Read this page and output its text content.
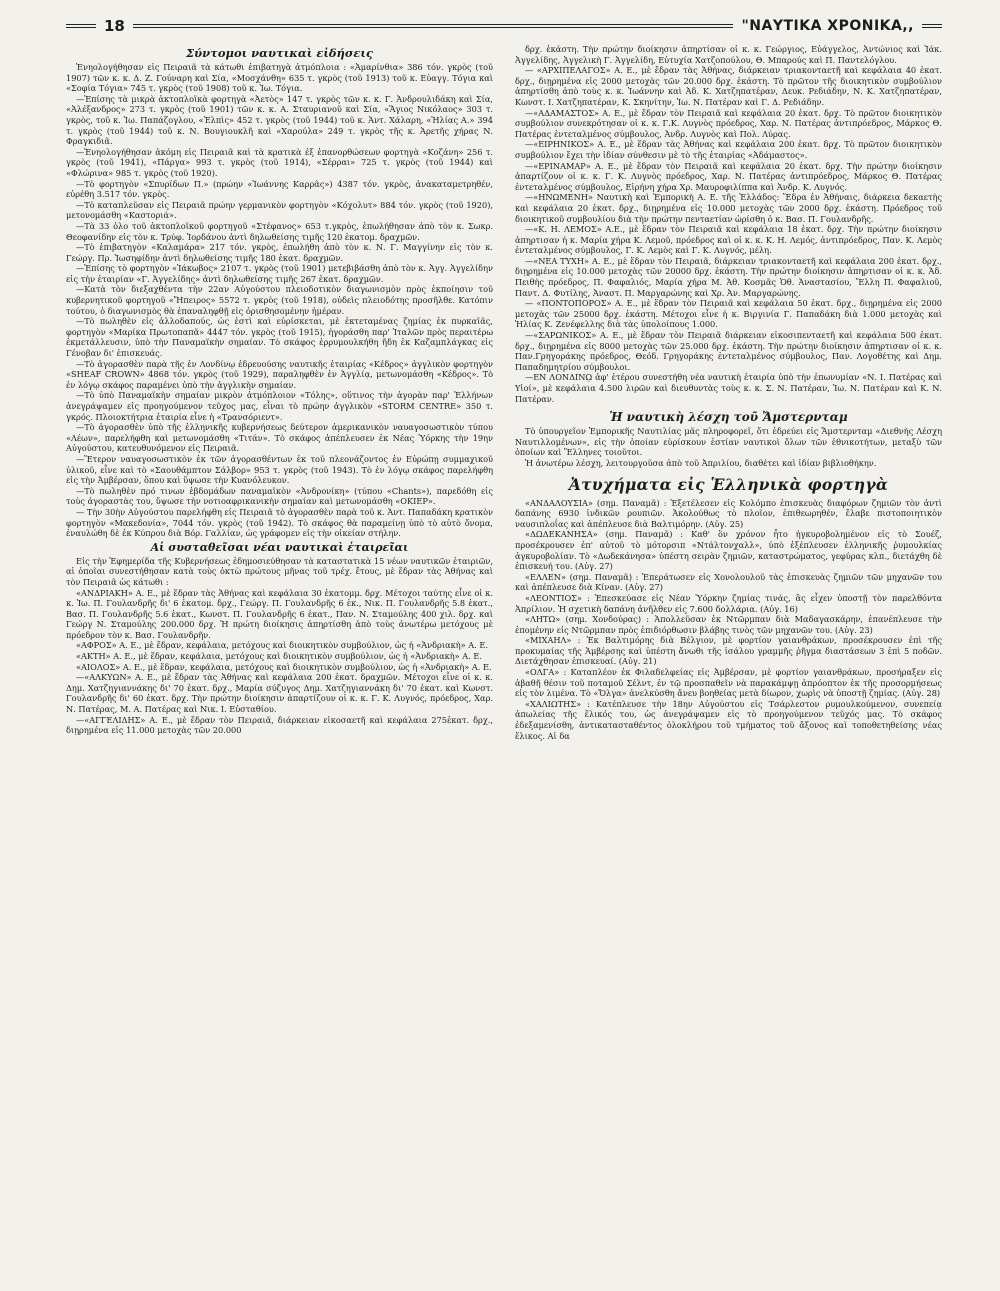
18	"ΝΑΥΤΙΚΑ ΧΡΟΝΙΚΑ,,
Σύντομοι ναυτικαὶ εἰδήσεις

Ἐνηολογήθησαν εἰς Πειραιᾶ τὰ κάτωθι ἐπιβατηγὰ ἀτμόπλοια : «Ἀμαρίνθια» 386 τόν. γκρὸς (τοῦ 1907) τῶν κ. κ. Δ. Ζ. Γούναρη καὶ Σία, «Μοσχάνθη» 635 τ. γκρὸς (τοῦ 1913) τοῦ κ. Εὐαγγ. Τόγια καὶ «Σοφία Τόγια» 745 τ. γκρὸς (τοῦ 1908) τοῦ κ. Ἰω. Τόγια.

—Ἐπίσης τὰ μικρὰ ἀκτοπλοϊκὰ φορτηγὰ «Ἀετὸς» 147 τ. γκρὸς τῶν κ. κ. Γ. Ἀνδρουλιδάκη καὶ Σία, «Ἀλέξανδρος» 273 τ. γκρὸς (τοῦ 1901) τῶν κ. κ. Α. Σταυριανοῦ καὶ Σία, «Ἅγιος Νικόλαος» 303 τ. γκρὸς, τοῦ κ. Ἰω. Παπάζογλου, «Ἐλπὶς» 452 τ. γκρὸς (τοῦ 1944) τοῦ κ. Ἀντ. Χάλαρη, «Ἡλίας Α.» 394 τ. γκρὸς (τοῦ 1944) τοῦ κ. Ν. Βουγιουκλῆ καὶ «Χαρούλα» 249 τ. γκρὸς τῆς κ. Ἀρετῆς χήρας Ν. Φραγκιδιᾶ.

—Ἐνηολογήθησαν ἀκόμη εἰς Πειραιᾶ καὶ τὰ κρατικὰ ἐξ ἐπανορθώσεων φορτηγὰ «Κοζάνη» 256 τ. γκρὸς (τοῦ 1941), «Πάργα» 993 τ. γκρὸς (τοῦ 1914), «Σέρραι» 725 τ. γκρὸς (τοῦ 1944) καὶ «Φλώρινα» 985 τ. γκρὸς (τοῦ 1920).

—Τὸ φορτηγὸν «Σπυρίδων Π.» (πρώην «Ἰωάννης Καρρᾶς») 4387 τόν. γκρὸς, ἀνακαταμετρηθέν, εὑρέθη 3.517 τόν. γκρὸς.

—Τὸ καταπλεῦσαν εἰς Πειραιᾶ πρώην γερμανικὸν φορτηγὸν «Κόχολυτ» 884 τόν. γκρὸς (τοῦ 1920), μετονομάσθη «Καστοριά».

—Τὰ 33 ὀλο τοῦ ἀκτοπλοϊκοῦ φορτηγοῦ «Στέφανος» 653 τ.γκρὸς, ἐπωλήθησαν ἀπὸ τὸν κ. Σωκρ. Θεοφανίδην εἰς τὸν κ. Τρύφ. Ἰορδάνου ἀντὶ δηλωθείσης τιμῆς 120 ἑκατομ. δραχμῶν.

—Τὸ ἐπιβατηγὸν «Καλαμάρα» 217 τόν. γκρὸς, ἐπωλήθη ἀπὸ τὸν κ. Ν. Γ. Μαγγίνην εἰς τὸν κ. Γεώργ. Πρ. Ἰωσηφίδην ἀντὶ δηλωθείσης τιμῆς 180 ἑκατ. δραχμῶν.

—Ἐπίσης τὸ φορτηγὸν «Ἰάκωβος» 2107 τ. γκρὸς (τοῦ 1901) μετεβιβάσθη ἀπὸ τὸν κ. Ἀγγ. Ἀγγελίδην εἰς τὴν ἑταιρίαν «Γ. Ἀγγελίδης» ἀντὶ δηλωθείσης τιμῆς 267 ἑκατ. δραχμῶν.

—Κατὰ τὸν διεξαχθέντα τὴν 22αν Αὐγούστου πλειοδοτικὸν διαγωνισμὸν πρὸς ἐκποίησιν τοῦ κυβερνητικοῦ φορτηγοῦ «Ἤπειρος» 5572 τ. γκρὸς (τοῦ 1918), οὐδεὶς πλειοδότης προσῆλθε. Κατόπιν τούτου, ὁ διαγωνισμὸς θὰ ἐπαναληφθῇ εἰς ὁρισθησομένην ἡμέραν.

—Τὸ πωληθὲν εἰς ἀλλοδαπούς, ὡς ἐστὶ καὶ εὑρίσκεται, μὲ ἐκτεταμένας ζημίας ἐκ πυρκαϊᾶς, φορτηγὸν «Μαρίκα Πρωτοπαπᾶ» 4447 τόν. γκρὸς (τοῦ 1915), ἠγοράσθη παρ' Ἰταλῶν πρὸς περαιτέρω ἐκμετάλλευσιν, ὑπὸ τὴν Παναμαϊκὴν σημαίαν. Τὸ σκάφος ἐρρυμουλκήθη ἤδη ἐκ Καζαμπλάγκας εἰς Γένοβαν δι' ἐπισκευάς.

—Τὸ ἀγορασθὲν παρὰ τῆς ἐν Λονδίνῳ ἑδρευούσης ναυτικῆς ἑταιρίας «Κέδρος» ἀγγλικὸν φορτηγὸν «SHEAF CROWN» 4868 τόν. γκρὸς (τοῦ 1929), παραληφθὲν ἐν Ἀγγλίᾳ, μετωνομάσθη «Κέδρος». Τὸ ἐν λόγῳ σκάφος παραμένει ὑπὸ τὴν ἀγγλικὴν σημαίαν.

—Τὸ ὑπὸ Παναμαϊκὴν σημαίαν μικρὸν ἀτμόπλοιον «Τόλης», οὕτινος τὴν ἀγορὰν παρ' Ἑλλήνων ἀνεγράψαμεν εἰς προηγούμενον τεῦχος μας, εἶναι τὸ πρώην ἀγγλικὸν «STORM CENTRE» 350 τ. γκρός. Πλοιοκτήτρια ἑταιρία εἶνε ἡ «Τρανσόριεντ».

—Τὸ ἀγορασθὲν ὑπὸ τῆς ἑλληνικῆς κυβερνήσεως δεύτερον ἀμερικανικὸν ναυαγοσωστικὸν τύπου «Λέων», παρελήφθη καὶ μετωνομάσθη «Τιτάν». Τὸ σκάφος ἀπέπλευσεν ἐκ Νέας Ὑόρκης τὴν 19ην Αὐγούστου, κατευθυνόμενον εἰς Πειραιᾶ.

—Ἕτερον ναυαγοσωστικὸν ἐκ τῶν ἀγορασθέντων ἐκ τοῦ πλεονάζοντος ἐν Εὐρώπῃ συμμαχικοῦ ὑλικοῦ, εἶνε καὶ τὸ «Σαουθάμπτον Σάλβορ» 953 τ. γκρὸς (τοῦ 1943). Τὸ ἐν λόγῳ σκάφος παρελήφθη εἰς τὴν Ἀμβέρσαν, ὅπου καὶ ὕψωσε τὴν Κυανόλευκον.

—Τὸ πωληθὲν πρό τινων ἑβδομάδων παναμαϊκὸν «Ἀνδρονίκη» (τύπου «Chants»), παρεδόθη εἰς τοὺς ἀγοραστὰς του, ὕψωσε τὴν νοτιοαφρικανικὴν σημαίαν καὶ μετωνομάσθη «ΟΚΙΕΡ».

— Τὴν 30ὴν Αὐγούστου παρελήφθη εἰς Πειραιᾶ τὸ ἀγορασθὲν παρὰ τοῦ κ. Ἀντ. Παπαδάκη κρατικὸν φορτηγὸν «Μακεδονία», 7044 τόν. γκρὸς (τοῦ 1942). Τὸ σκάφος θὰ παραμείνῃ ὑπὸ τὸ αὐτὸ ὄνομα, ἐναυλώθη δὲ ἐκ Κύπρου διὰ Βόρ. Γαλλίαν, ὡς γράφομεν εἰς τὴν οἰκείαν στήλην.

Αἱ συσταθεῖσαι νέαι ναυτικαὶ ἑταιρεῖαι

Εἰς τὴν Ἐφημερίδα τῆς Κυβερνήσεως ἐδημοσιεύθησαν τὰ καταστατικὰ 15 νέων ναυτικῶν ἑταιριῶν, αἱ ὁποῖαι συνεστήθησαν κατὰ τοὺς ὀκτὼ πρώτους μῆνας τοῦ τρέχ. ἔτους, μὲ ἕδραν τὰς Ἀθήνας καὶ τὸν Πειραιᾶ ὡς κάτωθι :

«ΑΝΔΡΙΑΚΗ» Α. Ε., μὲ ἕδραν τὰς Ἀθήνας καὶ κεφάλαια 30 ἑκατομμ. δρχ. Μέτοχοι ταύτης εἶνε οἱ κ. κ. Ἰω. Π. Γουλανδρῆς δι' 6 ἑκατομ. δρχ., Γεώργ. Π. Γουλανδρῆς 6 ἑκ., Νικ. Π. Γουλανδρῆς 5.8 ἑκατ., Βασ. Π. Γουλανδρῆς 5.6 ἑκατ., Κωνστ. Π. Γουλανδρῆς 6 ἑκατ., Παν. Ν. Σταμούλης 400 χιλ. δρχ. καὶ Γεώργ Ν. Σταμούλης 200.000 δρχ. Ἡ πρώτη διοίκησις ἀπηρτίσθη ἀπὸ τοὺς ἀνωτέρω μετόχους μὲ πρόεδρον τὸν κ. Βασ. Γουλανδρῆν.

«ΑΦΡΟΣ» Α. Ε., μὲ ἕδραν, κεφάλαια, μετόχους καὶ διοικητικὸν συμβούλιον, ὡς ἡ «Ἀνδριακὴ» Α. Ε.

«ΑΚΤΗ» Α. Ε., μὲ ἕδραν, κεφάλαια, μετόχους καὶ διοικητικὸν συμβούλιον, ὡς ἡ «Ἀνδριακὴ» Α. Ε.

«ΑΙΟΛΟΣ» Α. Ε., μὲ ἕδραν, κεφάλαια, μετόχους καὶ διοικητικὸν συμβούλιον, ὡς ἡ «Ἀνδριακὴ» Α. Ε.

—«ΑΛΚΥΩΝ» Α. Ε., μὲ ἕδραν τὰς Ἀθήνας καὶ κεφάλαια 200 ἑκατ. δραχμῶν. Μέτοχοι εἶνε οἱ κ. κ. Δημ. Χατζηγιαννάκης δι' 70 ἑκατ. δρχ., Μαρία σύζυγος Δημ. Χατζηγιαννάκη δι' 70 ἑκατ. καὶ Κωνστ. Γουλανδρῆς δι' 60 ἑκατ. δρχ. Τὴν πρώτην διοίκησιν ἀπαρτίζουν οἱ κ. κ. Γ. Κ. Λυγνός, πρόεδρος, Χαρ. Ν. Πατέρας, Μ. Α. Πατέρας καὶ Νικ. Ι. Εὐσταθίου.

—«ΑΓΓΕΛΙΔΗΣ» Α. Ε., μὲ ἕδραν τὸν Πειραιᾶ, διάρκειαν εἰκοσαετῆ καὶ κεφάλαια 275ἑκατ. δρχ., διῃρημένα εἰς 11.000 μετοχὰς τῶν 20.000

δρχ. ἑκάστη. Τὴν πρώτην διοίκησιν ἀπηρτίσαν οἱ κ. κ. Γεώργιος, Εὐάγγελος, Ἀντώνιος καὶ Ἰάκ. Ἀγγελίδης, Ἀγγελικὴ Γ. Ἀγγελίδη, Εὐτυχία Χατζοπούλου, Θ. Μπαρούς καὶ Π. Παντελόγλου.

— «ΑΡΧΙΠΕΛΑΓΟΣ» Α. Ε., μὲ ἕδραν τὰς Ἀθήνας, διάρκειαν τριακονταετῆ καὶ κεφάλαια 40 ἑκατ. δρχ., διῃρημένα εἰς 2000 μετοχὰς τῶν 20.000 δρχ. ἑκάστη. Τὸ πρῶτον τῆς διοικητικὸν συμβούλιον ἀπηρτίσθη ἀπὸ τοὺς κ. κ. Ἰωάννην καὶ Ἀδ. Κ. Χατζηπατέραν, Δευκ. Ρεδιάδην, Ν. Κ. Χατζηπατέραν, Κωνστ. Ι. Χατζηπατέραν, Κ. Σκηνίτην, Ἰω. Ν. Πατέραν καὶ Γ. Δ. Ρεδιάδην.

—«ΑΔΑΜΑΣΤΟΣ» Α. Ε., μὲ ἕδραν τὸν Πειραιᾶ καὶ κεφάλαια 20 ἑκατ. δρχ. Τὸ πρῶτον διοικητικὸν συμβούλιον συνεκρότησαν οἱ κ. κ. Γ.Κ. Λυγνὸς πρόεδρος, Χαρ. Ν. Πατέρας ἀντιπρόεδρος, Μάρκος Θ. Πατέρας ἐντεταλμένος σύμβουλος, Ἀνδρ. Λυγνὸς καὶ Πολ. Λύρας.

—«ΕΙΡΗΝΙΚΟΣ» Α. Ε., μὲ ἕδραν τὰς Ἀθήνας καὶ κεφάλαια 200 ἑκατ. δρχ. Τὸ πρῶτον διοικητικὸν συμβούλιον ἔχει τὴν ἰδίαν σύνθεσιν μὲ τὸ τῆς ἑταιρίας «Ἀδάμαστος».

—«ΕΡΙΝΑΜΑΡ» Α. Ε., μὲ ἕδραν τὸν Πειραιᾶ καὶ κεφάλαια 20 ἑκατ. δρχ. Τὴν πρώτην διοίκησιν ἀπαρτίζουν οἱ κ. κ. Γ. Κ. Λυγνὸς πρόεδρος, Χαρ. Ν. Πατέρας ἀντιπρόεδρος, Μάρκος Θ. Πατέρας ἐντεταλμένος σύμβουλος, Εἰρήνη χήρα Χρ. Μαυροφιλίππα καὶ Ἀνδρ. Κ. Λυγνός.

—«ΗΝΩΜΕΝΗ» Ναυτικὴ καὶ Ἐμπορικὴ Α. Ε. τῆς Ἑλλάδος: Ἕδρα ἐν Ἀθήναις, διάρκεια δεκαετὴς καὶ κεφάλαια 20 ἑκατ. δρχ., διῃρημένα εἰς 10.000 μετοχὰς τῶν 2000 δρχ. ἑκάστη. Πρόεδρος τοῦ διοικητικοῦ συμβουλίου διὰ τὴν πρώτην πενταετίαν ὡρίσθη ὁ κ. Βασ. Π. Γουλανδρῆς.

—«Κ. Η. ΛΕΜΟΣ» Α.Ε., μὲ ἕδραν τὸν Πειραιᾶ καὶ κεφάλαια 18 ἑκατ. δρχ. Τὴν πρώτην διοίκησιν ἀπηρτισαν ἡ κ. Μαρία χήρα Κ. Λεμοῦ, πρόεδρος καὶ οἱ κ. κ. Κ. Η. Λεμός, ἀντιπρόεδρος, Παν. Κ. Λεμὸς ἐντεταλμένος σύμβουλος, Γ. Κ. Λεμὸς καὶ Γ. Κ. Λυγνός, μέλη.

—«ΝΕΑ ΤΥΧΗ» Α. Ε., μὲ ἕδραν τὸν Πειραιᾶ, διάρκειαν τριακονταετῆ καὶ κεφάλαια 200 ἑκατ. δρχ., διῃρημένα εἰς 10.000 μετοχὰς τῶν 20000 δρχ. ἑκάστη. Τὴν πρώτην διοίκησιν ἀπηρτισαν οἱ κ. κ. Ἀδ. Πειθὴς πρόεδρος, Π. Φαφαλιός, Μαρία χήρα Μ. Ἀθ. Κοσμᾶς Ὀθ. Ἀναστασίου, Ἕλλη Π. Φαφαλιοῦ, Παντ. Δ. Φυτίλης, Ἀναστ. Π. Μαργαρώνης καὶ Χρ. Ἀν. Μαργαρώνης.

— «ΠΟΝΤΟΠΟΡΟΣ» Α. Ε., μὲ ἕδραν τὸν Πειραιᾶ καὶ κεφάλαια 50 ἑκατ. δρχ., διῃρημένα εἰς 2000 μετοχὰς τῶν 25000 δρχ. ἑκάστη. Μέτοχοι εἶνε ἡ κ. Βιργινία Γ. Παπαδάκη διὰ 1.000 μετοχὰς καὶ Ἠλίας Κ. Ζενέφελλης διὰ τὰς ὑπολοίπους 1.000.

—«ΣΑΡΩΝΙΚΟΣ» Α. Ε., μὲ ἕδραν τὸν Πειραιᾶ διάρκειαν εἰκοσιπενταετῆ καὶ κεφάλαια 500 ἑκατ. δρχ., διῃρημένα εἰς 8000 μετοχὰς τῶν 25.000 δρχ. ἑκάστη. Τὴν πρώτην διοίκησιν ἀπηρτισαν οἱ κ. κ. Παν.Γρηγοράκης πρόεδρος, Θεόδ. Γρηγοράκης ἐντεταλμένος σύμβουλος, Παν. Λογοθέτης καὶ Δημ. Παπαδημητρίου σύμβουλοι.

—ΕΝ ΛΟΝΔΙΝῼ ἀφ' ἑτέρου συνεστήθη νέα ναυτικὴ ἑταιρία ὑπὸ τὴν ἐπωνυμίαν «Ν. Ι. Πατέρας καὶ Υἱοί», μὲ κεφάλαια 4.500 λιρῶν καὶ διευθυντὰς τοὺς κ. κ. Σ. Ν. Πατέραν, Ἰω. Ν. Πατέραν καὶ Κ. Ν. Πατέραν.

Ἡ ναυτικὴ λέσχη τοῦ Ἄμστερνταμ

Τὸ ὑπουργεῖον Ἐμπορικῆς Ναυτιλίας μᾶς πληροφορεῖ, ὅτι ἑδρεύει εἰς Ἄμστερνταμ «Διεθνὴς Λέσχη Ναυτιλλομένων», εἰς τὴν ὁποίαν εὑρίσκουν ἑστίαν ναυτικοὶ ὅλων τῶν ἐθνικοτήτων, μεταξὺ τῶν ὁποίων καὶ Ἕλληνες τοιοῦτοι.

Ἡ ἀνωτέρω λέσχη, λειτουργοῦσα ἀπὸ τοῦ Ἀπριλίου, διαθέτει καὶ ἰδίαν βιβλιοθήκην.

Ἀτυχήματα εἰς Ἑλληνικὰ φορτηγὰ

«ΑΝΔΑΛΟΥΣΙΑ» (σημ. Παναμᾶ) : Ἐξετέλεσεν εἰς Κολόμπο ἐπισκευὰς διαφόρων ζημιῶν τὸν ἀντὶ δαπάνης 6930 ἰνδικῶν ρουπιῶν. Ἀκολούθως τὸ πλοῖον, ἐπιθεωρηθέν, ἔλαβε πιστοποιητικὸν ναυσιπλοΐας καὶ ἀπέπλευσε διὰ Βαλτιμόρην. (Αὐγ. 25)

«ΔΩΔΕΚΑΝΗΣΑ» (σημ. Παναμᾶ) : Καθ' ὃν χρόνον ἦτο ἠγκυροβολημένον εἰς τὸ Σουέζ, προσέκρουσεν ἐπ' αὐτοῦ τὸ μότορσιπ «Ντάλτονχαλλ», ὑπὸ ἐξέπλευσεν ἑλληνικῆς ῥυμουλκίας ἀγκυροβολίαν. Τὸ «Δωδεκάνησα» ὑπέστη σειρὰν ζημιῶν, καταστρώματος, γεφύρας κλπ., διετάχθη δὲ ἐπισκευή του. (Αὐγ. 27)

«ΕΛΛΕΝ» (σημ. Παναμᾶ) : Ἐπεράτωσεν εἰς Χονολουλοῦ τὰς ἐπισκευὰς ζημιῶν τῶν μηχανῶν του καὶ ἀπέπλευσε διὰ Κίναν. (Αὐγ. 27)

«ΛΕΟΝΤΙΟΣ» : Ἐπεσκεύασε εἰς Νέαν Ὑόρκην ζημίας τινάς, ἃς εἶχεν ὑποστῇ τὸν παρελθόντα Ἀπρίλιον. Ἡ σχετικὴ δαπάνη ἀνῆλθεν εἰς 7.600 δολλάρια. (Αὐγ. 16)

«ΛΗΤΩ» (σημ. Χονδούρας) : Ἀπολλεῦσαν ἐκ Ντῶρμπαν διὰ Μαδαγασκάρην, ἐπανέπλευσε τὴν ἐπομένην εἰς Ντῶρμπαν πρὸς ἐπιδιόρθωσιν βλάβης τινὸς τῶν μηχανῶν του. (Αὐγ. 23)

«ΜΙΧΑΗΛ» : Ἐκ Βαλτιμόρης διὰ Βέλγιον, μὲ φορτίον γαιανθράκων, προσέκρουσεν ἐπὶ τῆς προκυμαίας τῆς Ἀμβέρσης καὶ ὑπέστη ἄνωθι τῆς ἰσάλου γραμμῆς ῥῆγμα διαστάσεων 3 ἐπὶ 5 ποδῶν. Διετάχθησαν ἐπισκευαί. (Αὐγ. 21)

«ΟΛΓΑ» : Καταπλέον ἐκ Φιλαδελφείας εἰς Ἀμβέρσαν, μὲ φορτίον γαιανθράκων, προσήραξεν εἰς ἀβαθῆ θέσιν τοῦ ποταμοῦ Σέλντ, ἐν τῷ προσπαθεῖν νὰ παρακάμψῃ ἀπρόοπτον ἐκ τῆς προσορμήσεως εἰς τὸν λιμένα. Τὸ «Ὄλγα» ἀνελκύσθη ἄνευ βοηθείας μετὰ δίωρον, χωρὶς νὰ ὑποστῇ ζημίας. (Αὐγ. 28)

«ΧΑΛΙΩΤΗΣ» : Κατέπλευσε τὴν 18ην Αὐγούστου εἰς Τσάρλεστον ρυμουλκούμενον, συνεπείᾳ ἀπωλείας τῆς ἕλικός του, ὡς ἀνεγράψαμεν εἰς τὸ προηγούμενον τεῦχός μας. Τὸ σκάφος ἐδεξαμενίσθη, ἀντικατασταθέντος ὁλοκλήρου τοῦ τμήματος τοῦ ἄξονος καὶ τοποθετηθείσης νέας ἕλικος. Αἱ δα
